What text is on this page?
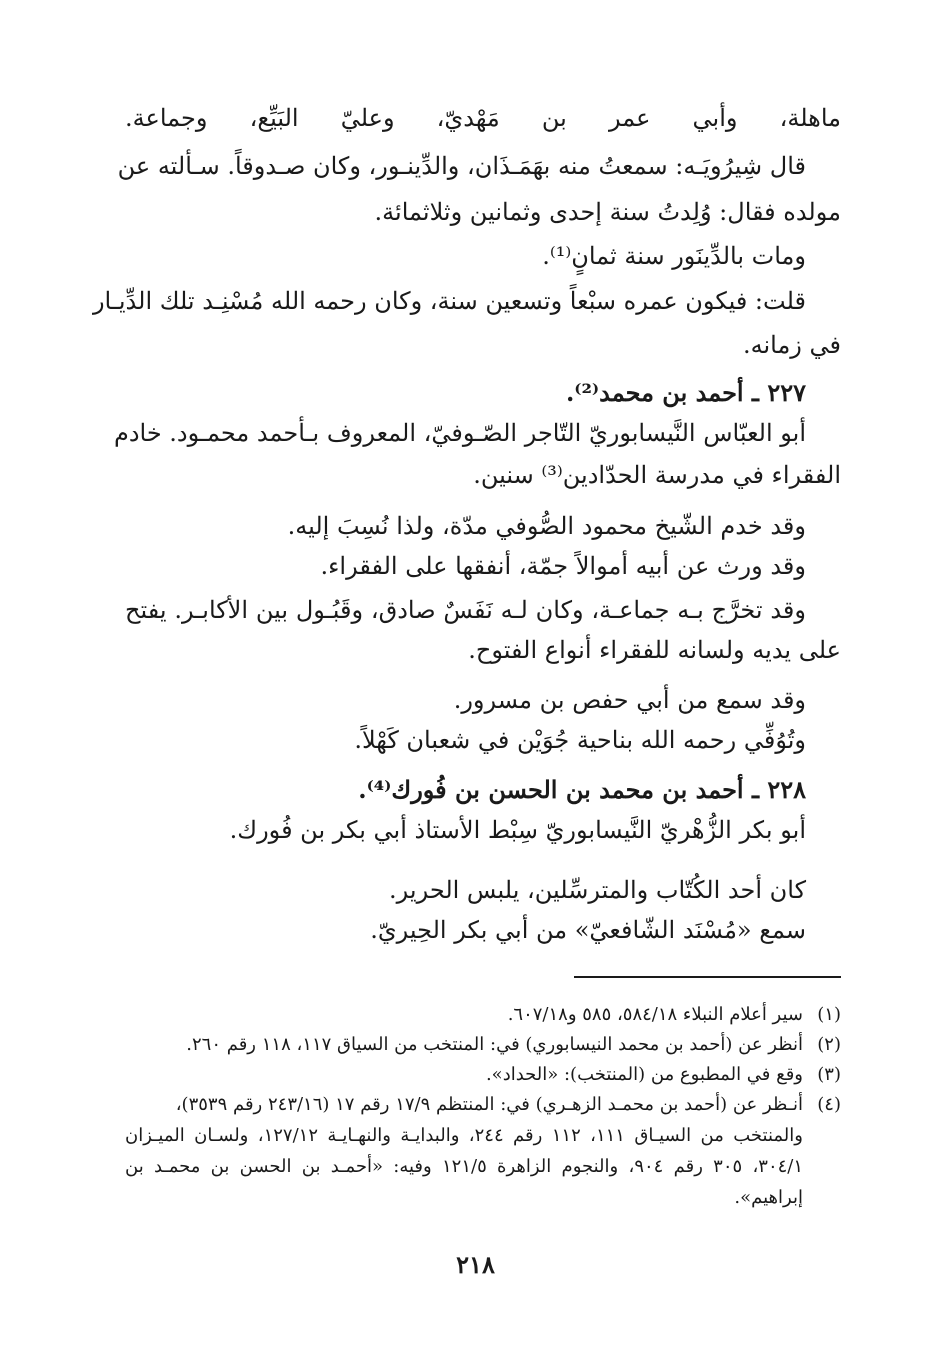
ماهلة، وأبي عمر بن مَهْديّ، وعليّ البَيِّع، وجماعة.
قال شِيرُويَـه: سمعتُ منه بهَمَـذَان، والدِّينـور، وكان صـدوقاً. سـألته عن
مولده فقال: وُلِدتُ سنة إحدى وثمانين وثلاثمائة.
ومات بالدِّينَور سنة ثمانٍ⁽¹⁾.
قلت: فيكون عمره سبْعاً وتسعين سنة، وكان رحمه الله مُسْنِـد تلك الدِّيـار
في زمانه.
٢٢٧ ـ أحمد بن محمد⁽²⁾.
أبو العبّاس النَّيسابوريّ التّاجر الصّـوفيّ، المعروف بـأحمد محمـود. خادم
الفقراء في مدرسة الحدّادين⁽³⁾ سنين.
وقد خدم الشّيخ محمود الصُّوفي مدّة، ولذا نُسِبَ إليه.
وقد ورث عن أبيه أموالاً جمّة، أنفقها على الفقراء.
وقد تخرَّج بـه جماعـة، وكان لـه نَفَسٌ صادق، وقَبُـول بين الأكابـر. يفتح
على يديه ولسانه للفقراء أنواع الفتوح.
وقد سمع من أبي حفص بن مسرور.
وتُوُفِّي رحمه الله بناحية جُوَيْن في شعبان كَهْلاً.
٢٢٨ ـ أحمد بن محمد بن الحسن بن فُورك⁽⁴⁾.
أبو بكر الزُّهْريّ النَّيسابوريّ سِبْط الأستاذ أبي بكر بن فُورك.
كان أحد الكُتّاب والمترسِّلين، يلبس الحرير.
سمع «مُسْنَد الشّافعيّ» من أبي بكر الحِيريّ.
(١)سير أعلام النبلاء ٥٨٤/١٨، ٥٨٥ و٦٠٧/١٨.
(٢)أنظر عن (أحمد بن محمد النيسابوري) في: المنتخب من السياق ١١٧، ١١٨ رقم ٢٦٠.
(٣)وقع في المطبوع من (المنتخب): «الحداد».
(٤)أنـظر عن (أحمد بن محمـد الزهـري) في: المنتظم ١٧/٩ رقم ١٧ (٢٤٣/١٦ رقم ٣٥٣٩)،
والمنتخب من السيـاق ١١١، ١١٢ رقم ٢٤٤، والبدايـة والنهـايـة ١٢٧/١٢، ولسـان الميـزان
٣٠٤/١، ٣٠٥ رقم ٩٠٤، والنجوم الزاهرة ١٢١/٥ وفيه: «أحمـد بن الحسن بن محمـد بن
إبراهيم».
٢١٨
